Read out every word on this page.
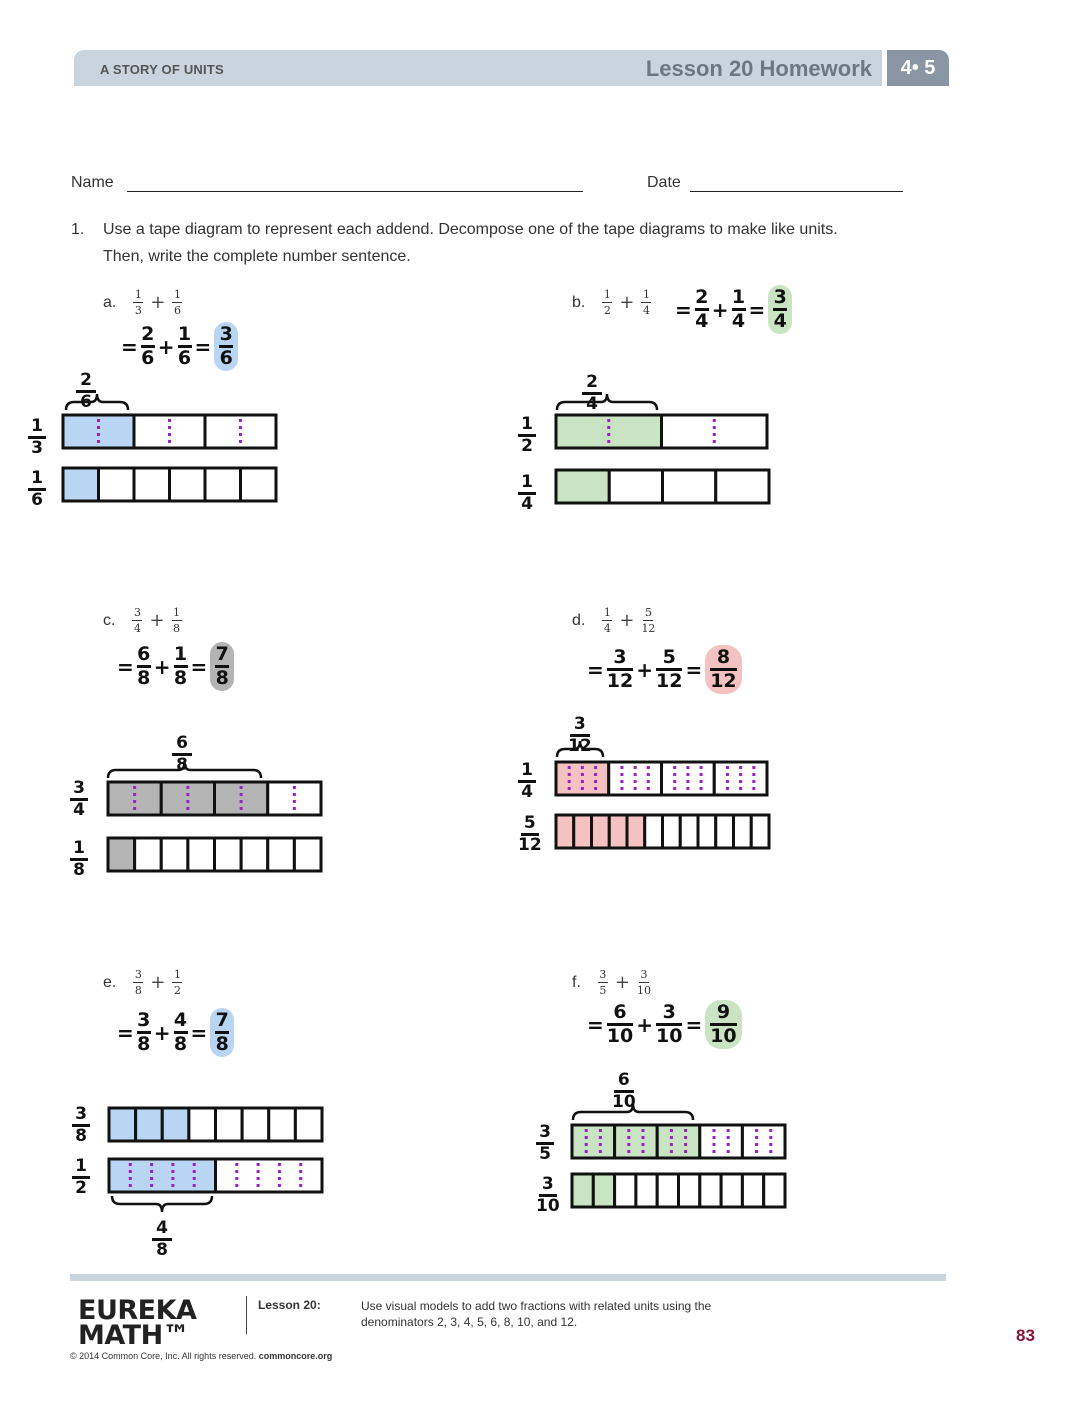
A STORY OF UNITS	Lesson 20 Homework	4• 5
Name	Date
1. Use a tape diagram to represent each addend. Decompose one of the tape diagrams to make like units.
Then, write the complete number sentence.
a. $\frac{1}{3} + \frac{1}{6}$
=
2
6 +
1
$6 = \frac{3}{6}$
1
3
1
6
2
6
b. $\frac{1}{2} + \frac{1}{4}$ =
2
4 +
1
$4 = \frac{3}{4}$
1
2
1
4
2
4
c. $\frac{3}{4} + \frac{1}{8}$
=
6
8 +
1
$8 = \frac{7}{8}$
3
4
1
8
6
8
d. $\frac{1}{4} + \frac{5}{12}$
=
3
12 +
5
$12 = \frac{8}{12}$
1
4
5
12
3
12
e. $\frac{3}{8} + \frac{1}{2}$
=
3
8 +
4
$8 = \frac{7}{8}$
3
8
1
2
4
8
f. $\frac{3}{5} + \frac{3}{10}$
=
6
10 +
3
$10 = \frac{9}{10}$
3
5
3
10
6
10
EUREKA
MATH™
Lesson 20:	Use visual models to add two fractions with related units using the denominators 2, 3, 4, 5, 6, 8, 10, and 12.
© 2014 Common Core, Inc. All rights reserved. commoncore.org
83
